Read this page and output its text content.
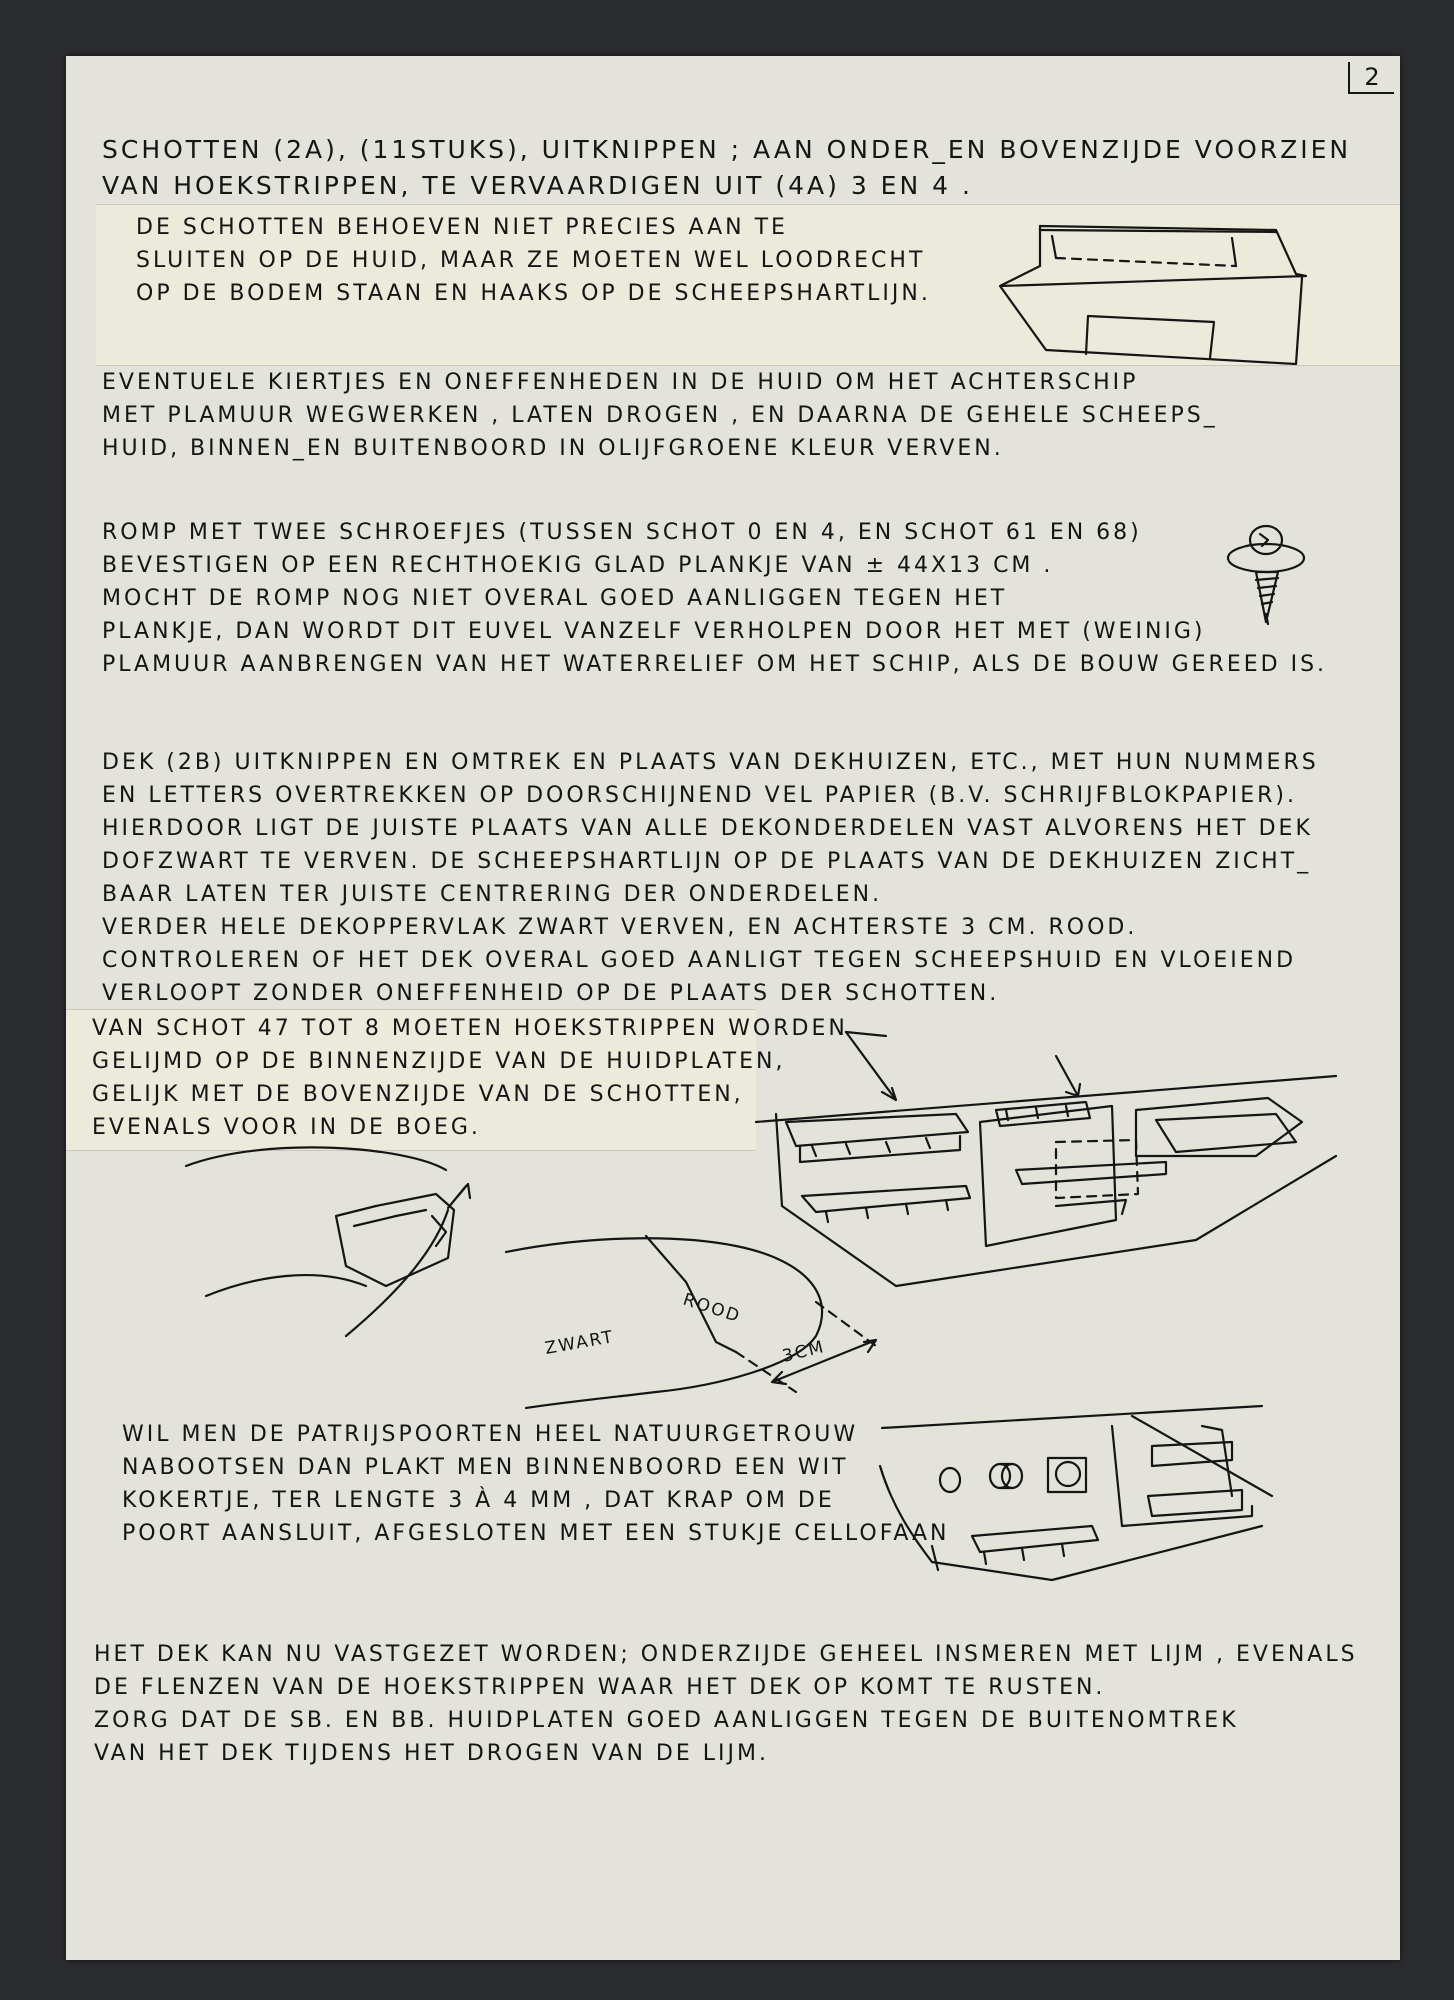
2

SCHOTTEN (2A), (11STUKS), UITKNIPPEN ; AAN ONDER_EN BOVENZIJDE VOORZIEN

VAN HOEKSTRIPPEN, TE VERVAARDIGEN UIT (4A) 3 EN 4 .

DE SCHOTTEN BEHOEVEN NIET PRECIES AAN TE

SLUITEN OP DE HUID, MAAR ZE MOETEN WEL LOODRECHT

OP DE BODEM STAAN EN HAAKS OP DE SCHEEPSHARTLIJN.

EVENTUELE KIERTJES EN ONEFFENHEDEN IN DE HUID OM HET ACHTERSCHIP

MET PLAMUUR WEGWERKEN , LATEN DROGEN , EN DAARNA DE GEHELE SCHEEPS_

HUID, BINNEN_EN BUITENBOORD IN OLIJFGROENE KLEUR VERVEN.

ROMP MET TWEE SCHROEFJES (TUSSEN SCHOT 0 EN 4, EN SCHOT 61 EN 68)

BEVESTIGEN OP EEN RECHTHOEKIG GLAD PLANKJE VAN ± 44X13 CM .

MOCHT DE ROMP NOG NIET OVERAL GOED AANLIGGEN TEGEN HET

PLANKJE, DAN WORDT DIT EUVEL VANZELF VERHOLPEN DOOR HET MET (WEINIG)

PLAMUUR AANBRENGEN VAN HET WATERRELIEF OM HET SCHIP, ALS DE BOUW GEREED IS.

DEK (2B) UITKNIPPEN EN OMTREK EN PLAATS VAN DEKHUIZEN, ETC., MET HUN NUMMERS

EN LETTERS OVERTREKKEN OP DOORSCHIJNEND VEL PAPIER (B.V. SCHRIJFBLOKPAPIER).

HIERDOOR LIGT DE JUISTE PLAATS VAN ALLE DEKONDERDELEN VAST ALVORENS HET DEK

DOFZWART TE VERVEN. DE SCHEEPSHARTLIJN OP DE PLAATS VAN DE DEKHUIZEN ZICHT_

BAAR LATEN TER JUISTE CENTRERING DER ONDERDELEN.

VERDER HELE DEKOPPERVLAK ZWART VERVEN, EN ACHTERSTE 3 CM. ROOD.

CONTROLEREN OF HET DEK OVERAL GOED AANLIGT TEGEN SCHEEPSHUID EN VLOEIEND

VERLOOPT ZONDER ONEFFENHEID OP DE PLAATS DER SCHOTTEN.

VAN SCHOT 47 TOT 8 MOETEN HOEKSTRIPPEN WORDEN

GELIJMD OP DE BINNENZIJDE VAN DE HUIDPLATEN,

GELIJK MET DE BOVENZIJDE VAN DE SCHOTTEN,

EVENALS VOOR IN DE BOEG.

ZWART
ROOD
3CM

WIL MEN DE PATRIJSPOORTEN HEEL NATUURGETROUW

NABOOTSEN DAN PLAKT MEN BINNENBOORD EEN WIT

KOKERTJE, TER LENGTE 3 À 4 MM , DAT KRAP OM DE

POORT AANSLUIT, AFGESLOTEN MET EEN STUKJE CELLOFAAN

HET DEK KAN NU VASTGEZET WORDEN; ONDERZIJDE GEHEEL INSMEREN MET LIJM , EVENALS

DE FLENZEN VAN DE HOEKSTRIPPEN WAAR HET DEK OP KOMT TE RUSTEN.

ZORG DAT DE SB. EN BB. HUIDPLATEN GOED AANLIGGEN TEGEN DE BUITENOMTREK

VAN HET DEK TIJDENS HET DROGEN VAN DE LIJM.
